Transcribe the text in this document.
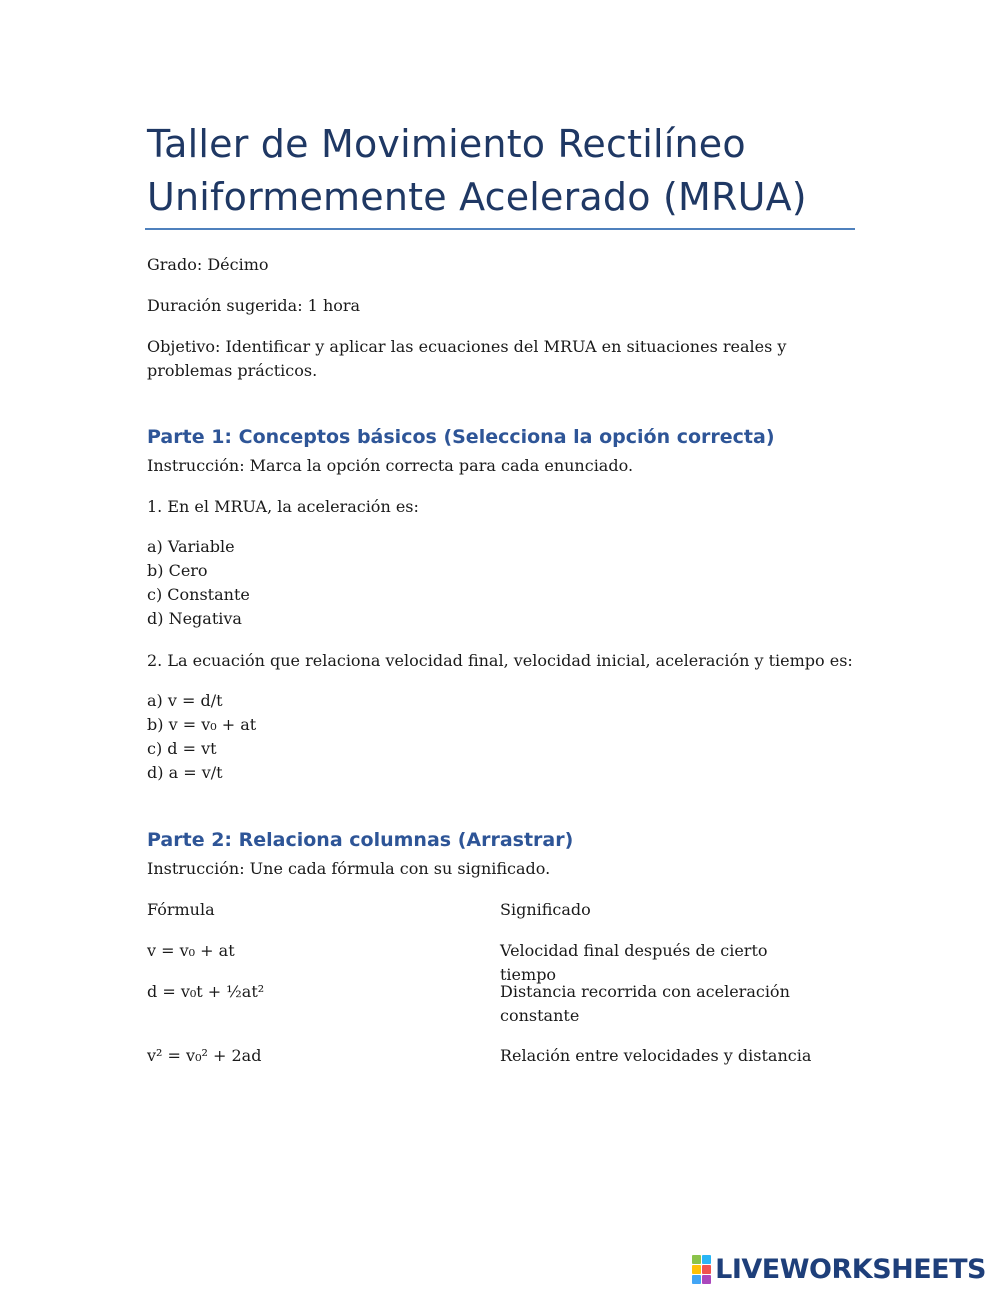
Taller de Movimiento Rectilíneo
Uniformemente Acelerado (MRUA)
Grado: Décimo
Duración sugerida: 1 hora
Objetivo: Identificar y aplicar las ecuaciones del MRUA en situaciones reales y problemas prácticos.
Parte 1: Conceptos básicos (Selecciona la opción correcta)
Instrucción: Marca la opción correcta para cada enunciado.
1. En el MRUA, la aceleración es:
a) Variable
b) Cero
c) Constante
d) Negativa
2. La ecuación que relaciona velocidad final, velocidad inicial, aceleración y tiempo es:
a) v = d/t
b) v = v₀ + at
c) d = vt
d) a = v/t
Parte 2: Relaciona columnas (Arrastrar)
Instrucción: Une cada fórmula con su significado.
Fórmula	Significado
v = v₀ + at	Velocidad final después de cierto tiempo
d = v₀t + ½at²	Distancia recorrida con aceleración constante
v² = v₀² + 2ad	Relación entre velocidades y distancia
LIVEWORKSHEETS
